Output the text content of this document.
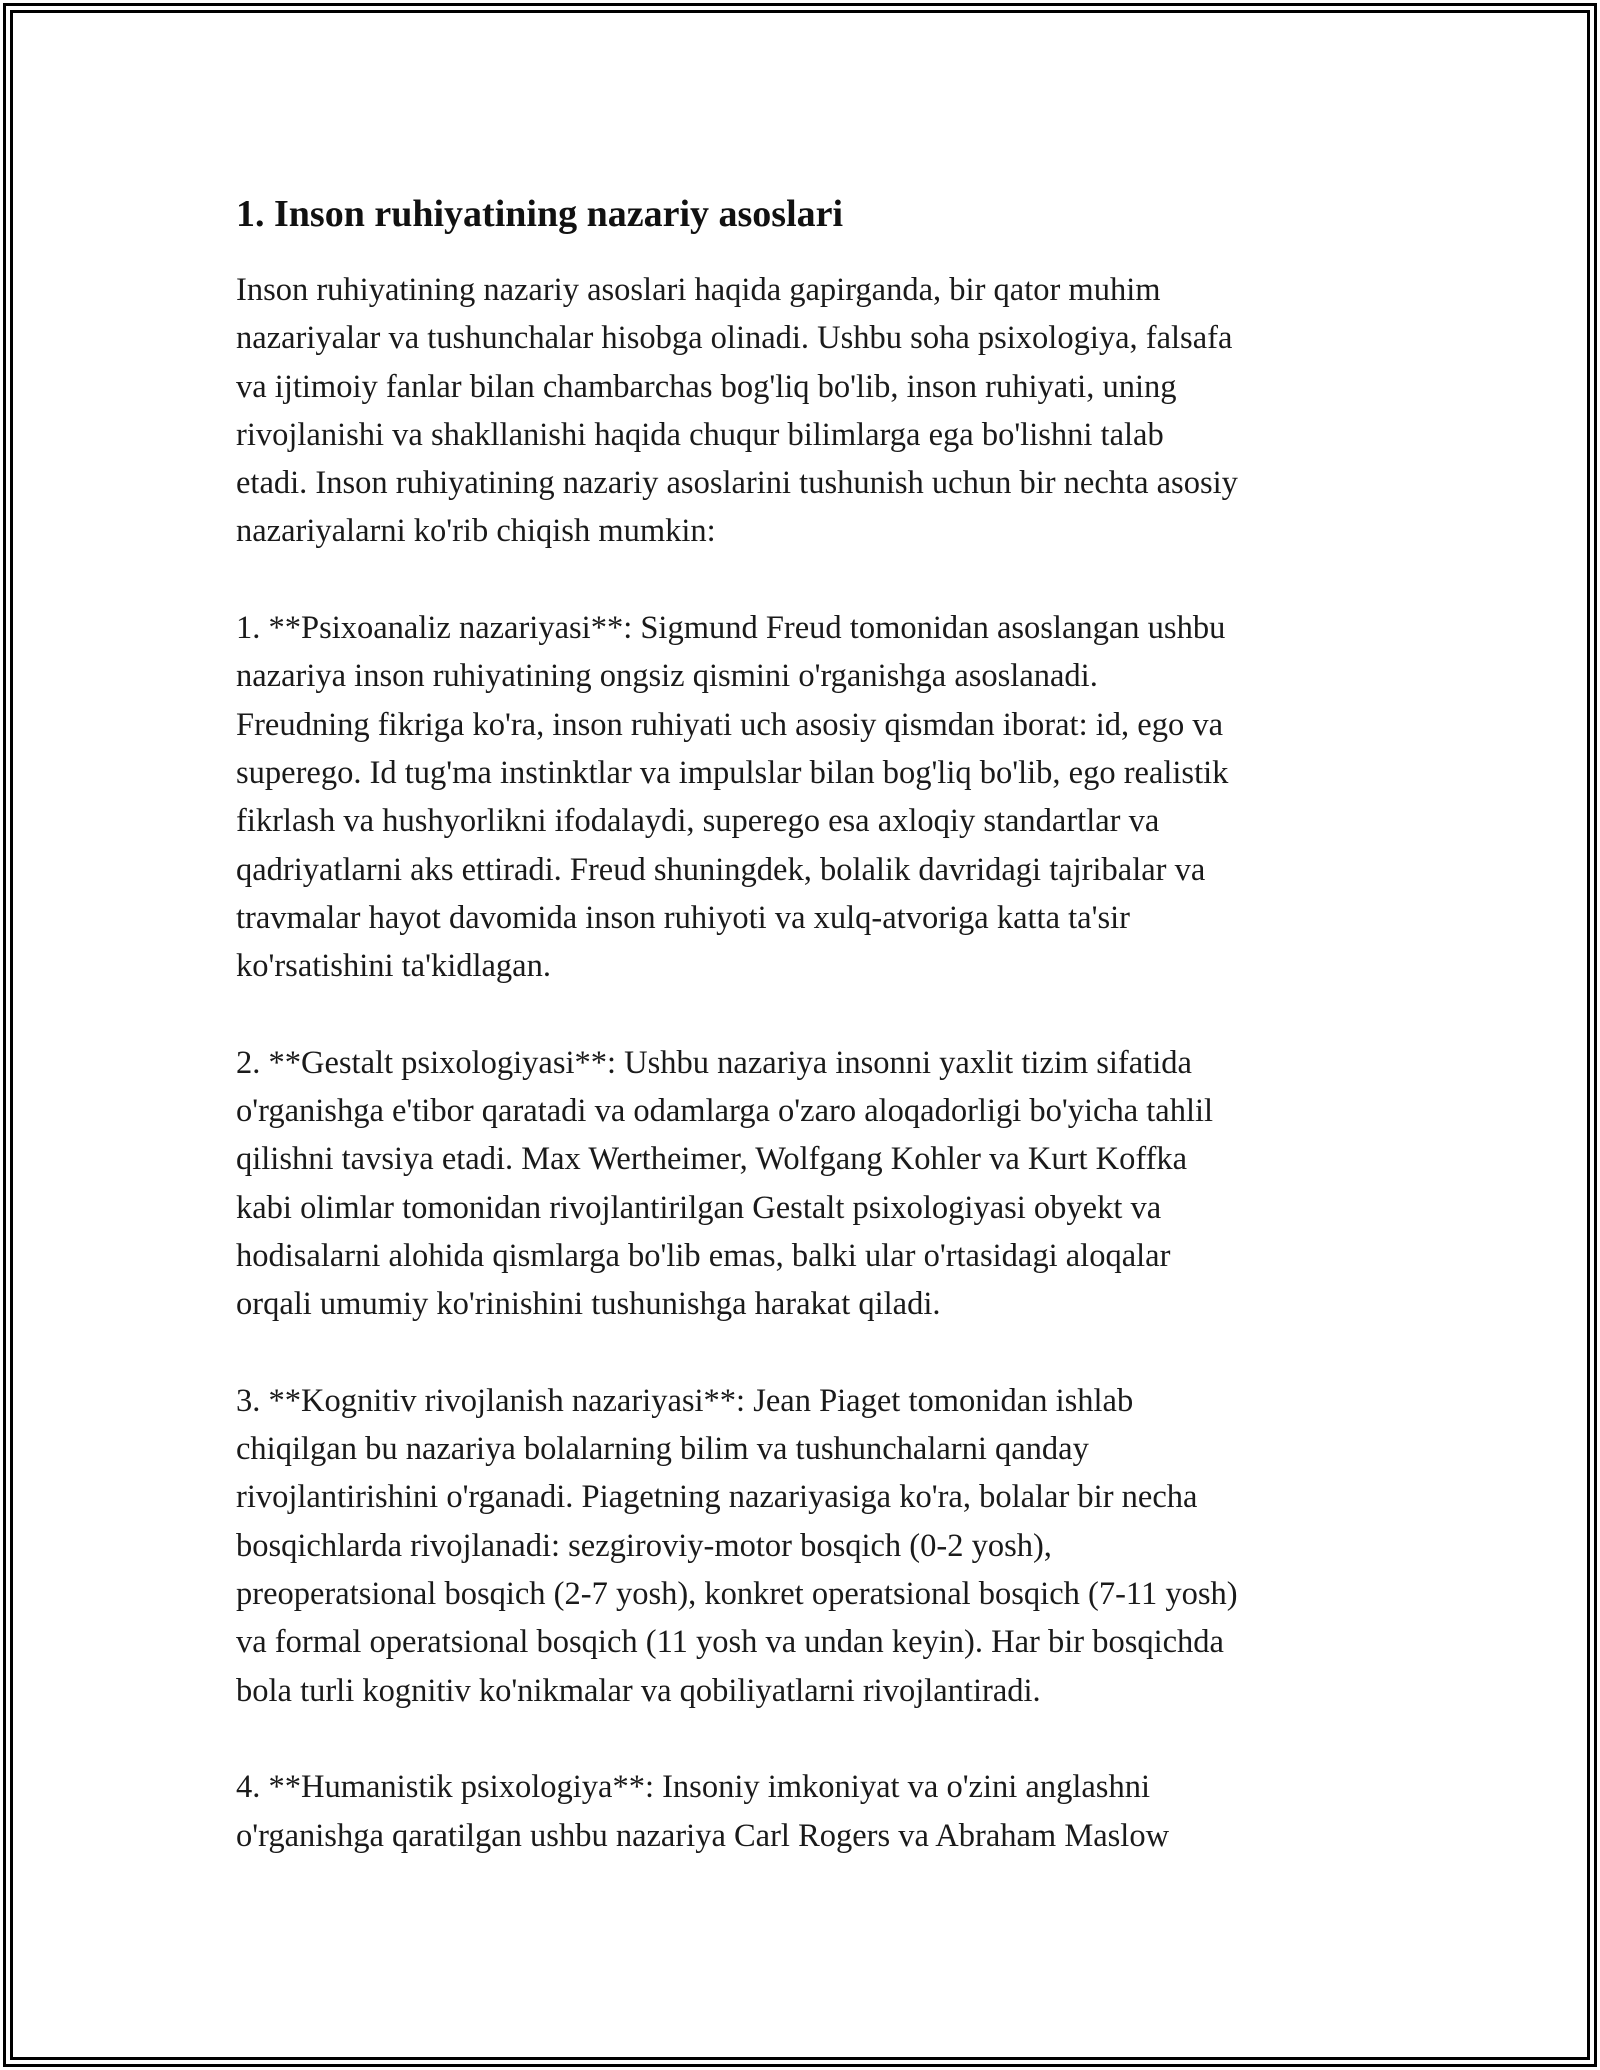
1. Inson ruhiyatining nazariy asoslari

Inson ruhiyatining nazariy asoslari haqida gapirganda, bir qator muhim
nazariyalar va tushunchalar hisobga olinadi. Ushbu soha psixologiya, falsafa
va ijtimoiy fanlar bilan chambarchas bog'liq bo'lib, inson ruhiyati, uning
rivojlanishi va shakllanishi haqida chuqur bilimlarga ega bo'lishni talab
etadi. Inson ruhiyatining nazariy asoslarini tushunish uchun bir nechta asosiy
nazariyalarni ko'rib chiqish mumkin:

1. **Psixoanaliz nazariyasi**: Sigmund Freud tomonidan asoslangan ushbu
nazariya inson ruhiyatining ongsiz qismini o'rganishga asoslanadi.
Freudning fikriga ko'ra, inson ruhiyati uch asosiy qismdan iborat: id, ego va
superego. Id tug'ma instinktlar va impulslar bilan bog'liq bo'lib, ego realistik
fikrlash va hushyorlikni ifodalaydi, superego esa axloqiy standartlar va
qadriyatlarni aks ettiradi. Freud shuningdek, bolalik davridagi tajribalar va
travmalar hayot davomida inson ruhiyoti va xulq-atvoriga katta ta'sir
ko'rsatishini ta'kidlagan.

2. **Gestalt psixologiyasi**: Ushbu nazariya insonni yaxlit tizim sifatida
o'rganishga e'tibor qaratadi va odamlarga o'zaro aloqadorligi bo'yicha tahlil
qilishni tavsiya etadi. Max Wertheimer, Wolfgang Kohler va Kurt Koffka
kabi olimlar tomonidan rivojlantirilgan Gestalt psixologiyasi obyekt va
hodisalarni alohida qismlarga bo'lib emas, balki ular o'rtasidagi aloqalar
orqali umumiy ko'rinishini tushunishga harakat qiladi.

3. **Kognitiv rivojlanish nazariyasi**: Jean Piaget tomonidan ishlab
chiqilgan bu nazariya bolalarning bilim va tushunchalarni qanday
rivojlantirishini o'rganadi. Piagetning nazariyasiga ko'ra, bolalar bir necha
bosqichlarda rivojlanadi: sezgiroviy-motor bosqich (0-2 yosh),
preoperatsional bosqich (2-7 yosh), konkret operatsional bosqich (7-11 yosh)
va formal operatsional bosqich (11 yosh va undan keyin). Har bir bosqichda
bola turli kognitiv ko'nikmalar va qobiliyatlarni rivojlantiradi.

4. **Humanistik psixologiya**: Insoniy imkoniyat va o'zini anglashni
o'rganishga qaratilgan ushbu nazariya Carl Rogers va Abraham Maslow
